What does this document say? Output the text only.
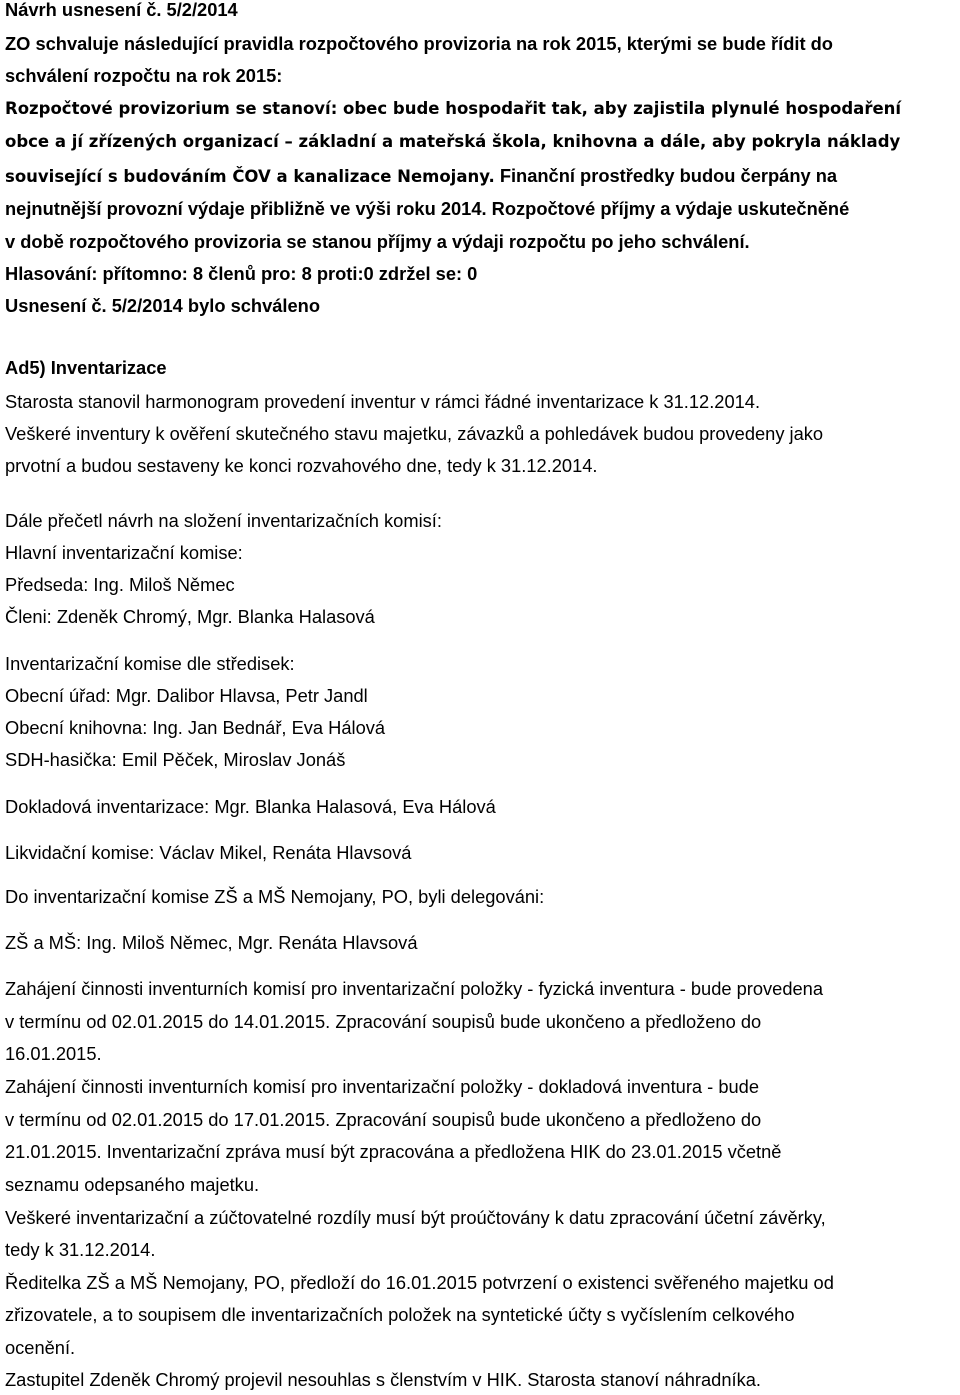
Návrh usnesení č. 5/2/2014

ZO schvaluje následující pravidla rozpočtového provizoria na rok 2015, kterými se bude řídit do

schválení rozpočtu na rok 2015:

Rozpočtové provizorium se stanoví: obec bude hospodařit tak, aby zajistila plynulé hospodaření

obce a jí zřízených organizací – základní a mateřská škola, knihovna a dále, aby pokryla náklady

související s budováním ČOV a kanalizace Nemojany. Finanční prostředky budou čerpány na

nejnutnější provozní výdaje přibližně ve výši roku 2014. Rozpočtové příjmy a výdaje uskutečněné

v době rozpočtového provizoria se stanou příjmy a výdaji rozpočtu po jeho schválení.

Hlasování: přítomno: 8 členů pro: 8 proti:0 zdržel se: 0

Usnesení č. 5/2/2014 bylo schváleno

Ad5) Inventarizace

Starosta stanovil harmonogram provedení inventur v rámci řádné inventarizace k 31.12.2014.

Veškeré inventury k ověření skutečného stavu majetku, závazků a pohledávek budou provedeny jako

prvotní a budou sestaveny ke konci rozvahového dne, tedy k 31.12.2014.

Dále přečetl návrh na složení inventarizačních komisí:

Hlavní inventarizační komise:

Předseda: Ing. Miloš Němec

Členi: Zdeněk Chromý, Mgr. Blanka Halasová

Inventarizační komise dle středisek:

Obecní úřad: Mgr. Dalibor Hlavsa, Petr Jandl

Obecní knihovna: Ing. Jan Bednář, Eva Hálová

SDH-hasička: Emil Pěček, Miroslav Jonáš

Dokladová inventarizace: Mgr. Blanka Halasová, Eva Hálová

Likvidační komise: Václav Mikel, Renáta Hlavsová

Do inventarizační komise ZŠ a MŠ Nemojany, PO, byli delegováni:

ZŠ a MŠ: Ing. Miloš Němec, Mgr. Renáta Hlavsová

Zahájení činnosti inventurních komisí pro inventarizační položky - fyzická inventura - bude provedena

v termínu od 02.01.2015 do 14.01.2015. Zpracování soupisů bude ukončeno a předloženo do

16.01.2015.

Zahájení činnosti inventurních komisí pro inventarizační položky - dokladová inventura - bude

v termínu od 02.01.2015 do 17.01.2015. Zpracování soupisů bude ukončeno a předloženo do

21.01.2015. Inventarizační zpráva musí být zpracována a předložena HIK do 23.01.2015 včetně

seznamu odepsaného majetku.

Veškeré inventarizační a zúčtovatelné rozdíly musí být proúčtovány k datu zpracování účetní závěrky,

tedy k 31.12.2014.

Ředitelka ZŠ a MŠ Nemojany, PO, předloží do 16.01.2015 potvrzení o existenci svěřeného majetku od

zřizovatele, a to soupisem dle inventarizačních položek na syntetické účty s vyčíslením celkového

ocenění.

Zastupitel Zdeněk Chromý projevil nesouhlas s členstvím v HIK. Starosta stanoví náhradníka.
